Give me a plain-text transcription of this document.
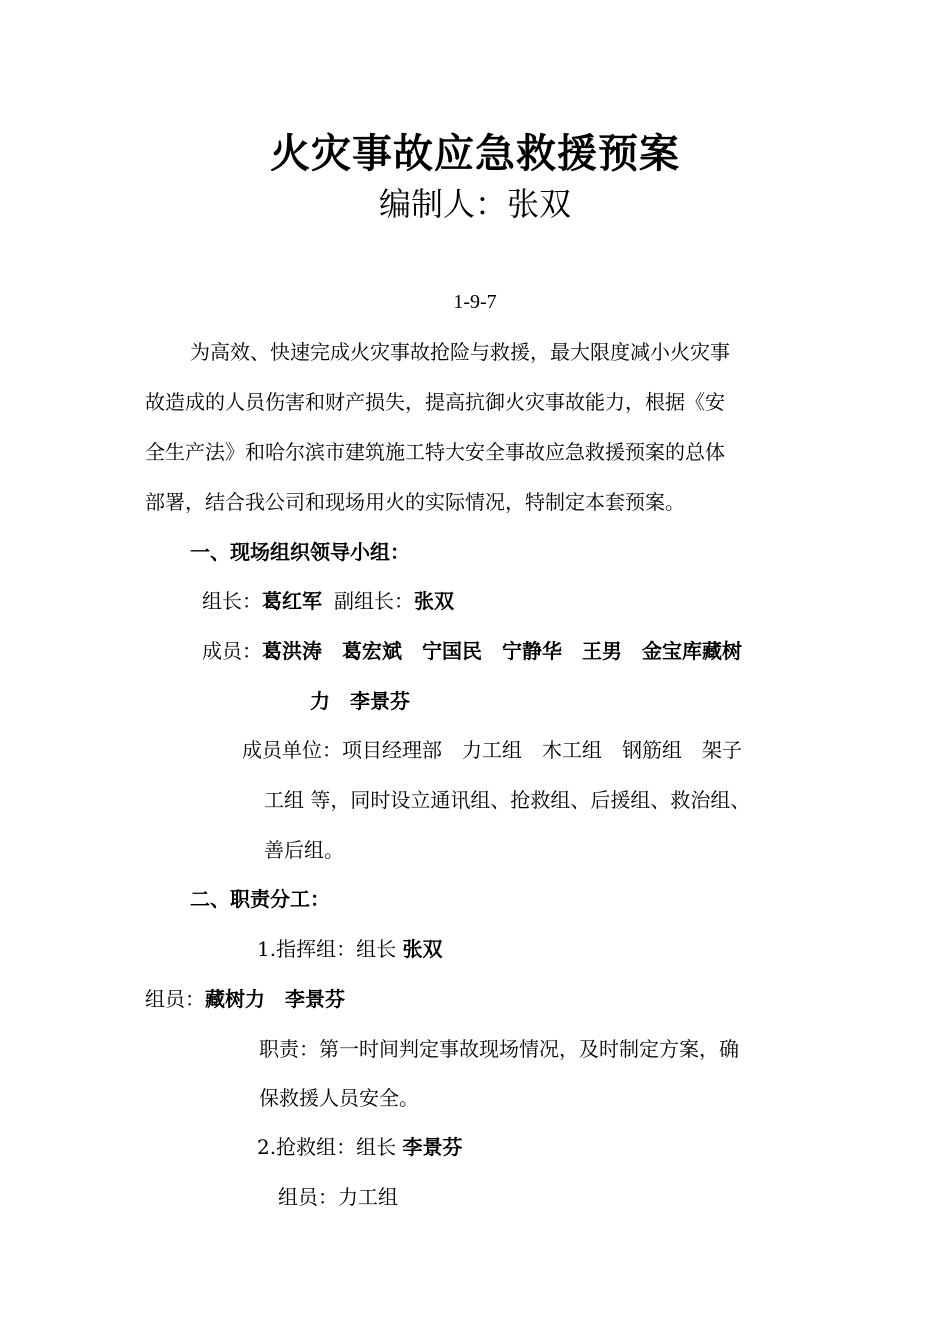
火灾事故应急救援预案
编制人：张双
1-9-7
为高效、快速完成火灾事故抢险与救援，最大限度减小火灾事
故造成的人员伤害和财产损失，提高抗御火灾事故能力，根据《安
全生产法》和哈尔滨市建筑施工特大安全事故应急救援预案的总体
部署，结合我公司和现场用火的实际情况，特制定本套预案。
一、现场组织领导小组：
组长：葛红军 副组长：张双
成员：葛洪涛 葛宏斌 宁国民 宁静华 王男 金宝库藏树
力 李景芬
成员单位：项目经理部　力工组　木工组　钢筋组　架子
工组 等，同时设立通讯组、抢救组、后援组、救治组、
善后组。
二、职责分工：
1.指挥组：组长 张双
组员：藏树力　李景芬
职责：第一时间判定事故现场情况，及时制定方案，确
保救援人员安全。
2.抢救组：组长 李景芬
组员：力工组
